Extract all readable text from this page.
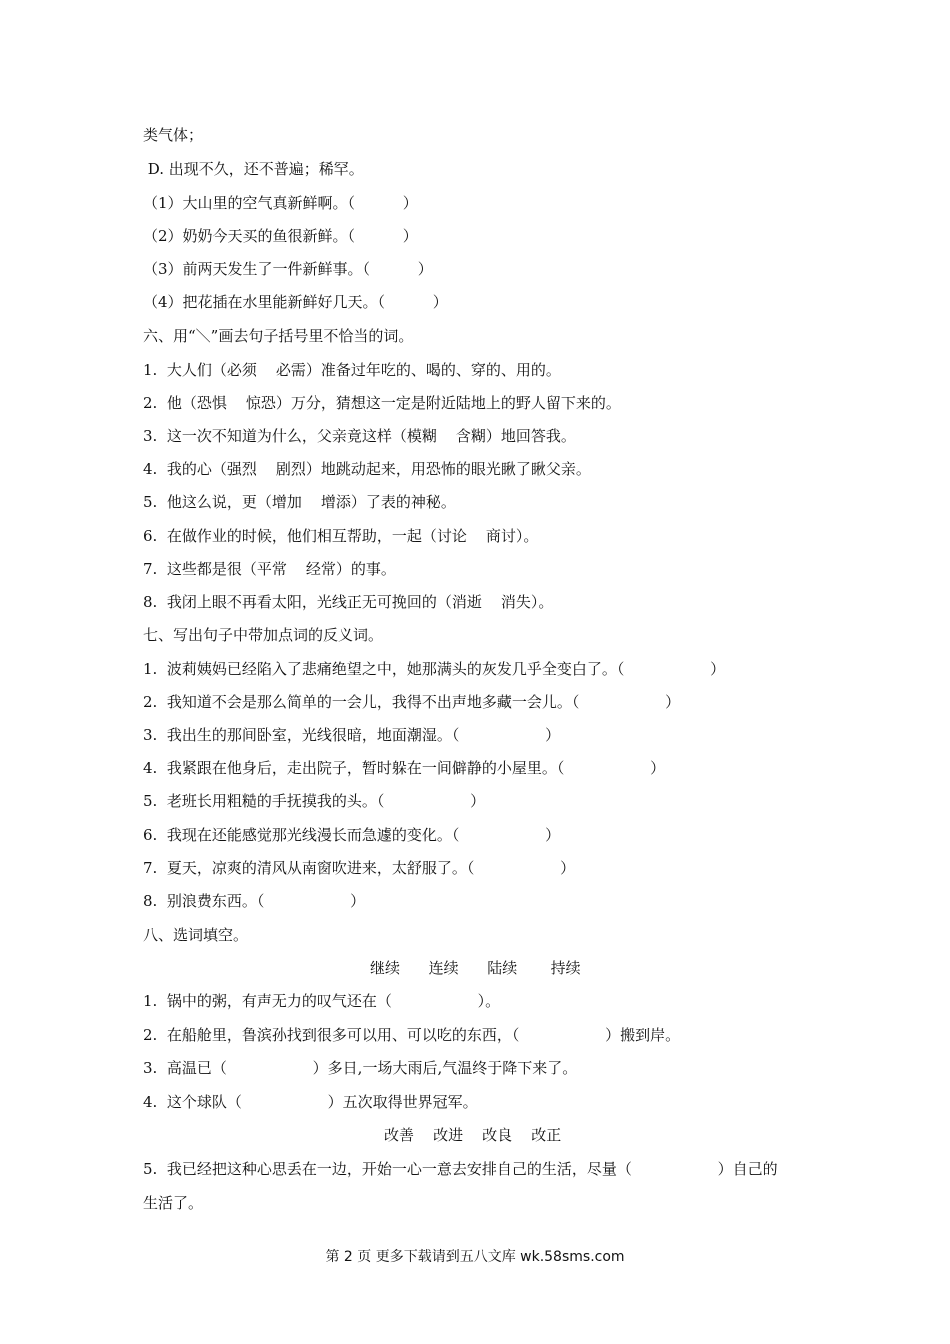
类气体；
D. 出现不久，还不普遍；稀罕。
（1）大山里的空气真新鲜啊。（          ）
（2）奶奶今天买的鱼很新鲜。（          ）
（3）前两天发生了一件新鲜事。（          ）
（4）把花插在水里能新鲜好几天。（          ）
六、用“＼”画去句子括号里不恰当的词。
1.  大人们（必须    必需）准备过年吃的、喝的、穿的、用的。
2.  他（恐惧    惊恐）万分，猜想这一定是附近陆地上的野人留下来的。
3.  这一次不知道为什么，父亲竟这样（模糊    含糊）地回答我。
4.  我的心（强烈    剧烈）地跳动起来，用恐怖的眼光瞅了瞅父亲。
5.  他这么说，更（增加    增添）了表的神秘。
6.  在做作业的时候，他们相互帮助，一起（讨论    商讨）。
7.  这些都是很（平常    经常）的事。
8.  我闭上眼不再看太阳，光线正无可挽回的（消逝    消失）。
七、写出句子中带加点词的反义词。
1.  波莉姨妈已经陷入了悲痛绝望之中，她那满头的灰发几乎全变白了。（                  ）
2.  我知道不会是那么简单的一会儿，我得不出声地多藏一会儿。（                  ）
3.  我出生的那间卧室，光线很暗，地面潮湿。（                  ）
4.  我紧跟在他身后，走出院子，暂时躲在一间僻静的小屋里。（                  ）
5.  老班长用粗糙的手抚摸我的头。（                  ）
6.  我现在还能感觉那光线漫长而急遽的变化。（                  ）
7.  夏天，凉爽的清风从南窗吹进来，太舒服了。（                  ）
8.  别浪费东西。（                  ）
八、选词填空。
继续      连续      陆续       持续
1.  锅中的粥，有声无力的叹气还在（                  ）。
2.  在船舱里，鲁滨孙找到很多可以用、可以吃的东西，（                  ）搬到岸。
3.  高温已（                  ）多日,一场大雨后,气温终于降下来了。
4.  这个球队（                  ）五次取得世界冠军。
改善    改进    改良    改正
5.  我已经把这种心思丢在一边，开始一心一意去安排自己的生活，尽量（                  ）自己的
生活了。
第 2 页 更多下载请到五八文库 wk.58sms.com
